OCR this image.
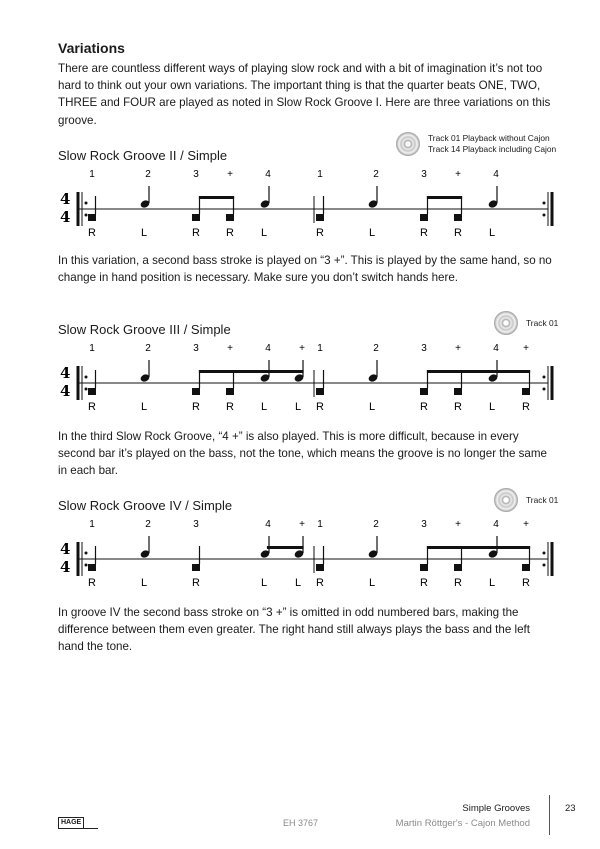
Variations
There are countless different ways of playing slow rock and with a bit of imagination it’s not too hard to think out your own variations. The important thing is that the quarter beats ONE, TWO, THREE and FOUR are played as noted in Slow Rock Groove I. Here are three variations on this groove.
Slow Rock Groove II / Simple
Track 01 Playback without Cajon
Track 14 Playback including Cajon
4
4
1
R
2
L
3
R
+
R
4
L
1
R
2
L
3
R
+
R
4
L
In this variation, a second bass stroke is played on “3 +”. This is played by the same hand, so no change in hand position is necessary. Make sure you don’t switch hands here.
Slow Rock Groove III / Simple	Track 01
4
4
1
R
2
L
3
R
+
R
4
L
+
L
1
R
2
L
3
R
+
R
4
L
+
R
In the third Slow Rock Groove, “4 +” is also played. This is more difficult, because in every second bar it’s played on the bass, not the tone, which means the groove is no longer the same in each bar.
Slow Rock Groove IV / Simple	Track 01
4
4
1
R
2
L
3
R
4
L
+
L
1
R
2
L
3
R
+
R
4
L
+
R
In groove IV the second bass stroke on “3 +” is omitted in odd numbered bars, making the difference between them even greater. The right hand still always plays the bass and the left hand the tone.
HAGE	EH 3767
Simple Grooves
Martin Röttger's - Cajon Method
23
